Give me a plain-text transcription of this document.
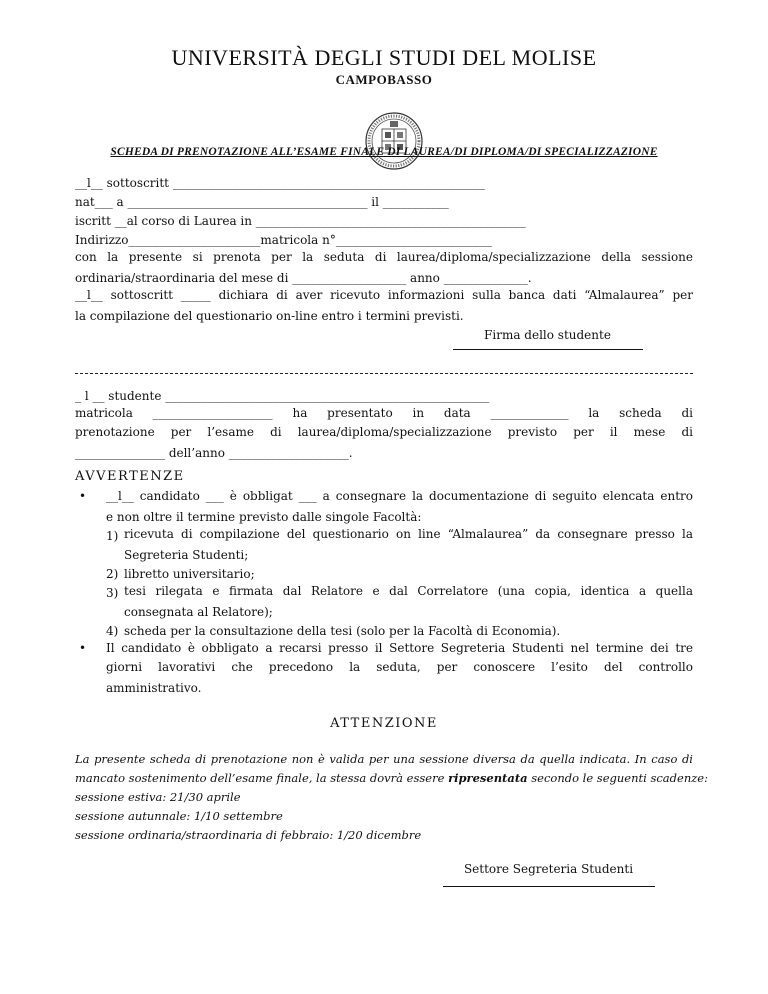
UNIVERSITÀ DEGLI STUDI DEL MOLISE
CAMPOBASSO

SCHEDA DI PRENOTAZIONE ALL’ESAME FINALE DI LAUREA/DI DIPLOMA/DI SPECIALIZZAZIONE
__l__ sottoscritt ____________________________________________________
nat___ a ________________________________________ il ___________
iscritt __al corso di Laurea in _____________________________________________
Indirizzo______________________matricola n°__________________________
con la presente si prenota per la seduta di laurea/diploma/specializzazione della sessione
ordinaria/straordinaria del mese di ___________________ anno ______________.
__l__ sottoscritt _____ dichiara di aver ricevuto informazioni sulla banca dati “Almalaurea” per
la compilazione del questionario on-line entro i termini previsti.
Firma dello studente
_ l __ studente ______________________________________________________
matricola ____________________ ha presentato in data _____________ la scheda di
prenotazione per l’esame di laurea/diploma/specializzazione previsto per il mese di
_______________ dell’anno ____________________.
AVVERTENZE
• __l__ candidato ___ è obbligat ___ a consegnare la documentazione di seguito elencata entro
e non oltre il termine previsto dalle singole Facoltà:
1) ricevuta di compilazione del questionario on line “Almalaurea” da consegnare presso la
Segreteria Studenti;
2) libretto universitario;
3) tesi rilegata e firmata dal Relatore e dal Correlatore (una copia, identica a quella
consegnata al Relatore);
4) scheda per la consultazione della tesi (solo per la Facoltà di Economia).
• Il candidato è obbligato a recarsi presso il Settore Segreteria Studenti nel termine dei tre
giorni lavorativi che precedono la seduta, per conoscere l’esito del controllo
amministrativo.
ATTENZIONE
La presente scheda di prenotazione non è valida per una sessione diversa da quella indicata. In caso di
mancato sostenimento dell’esame finale, la stessa dovrà essere ripresentata secondo le seguenti scadenze:
sessione estiva: 21/30 aprile
sessione autunnale: 1/10 settembre
sessione ordinaria/straordinaria di febbraio: 1/20 dicembre
Settore Segreteria Studenti
